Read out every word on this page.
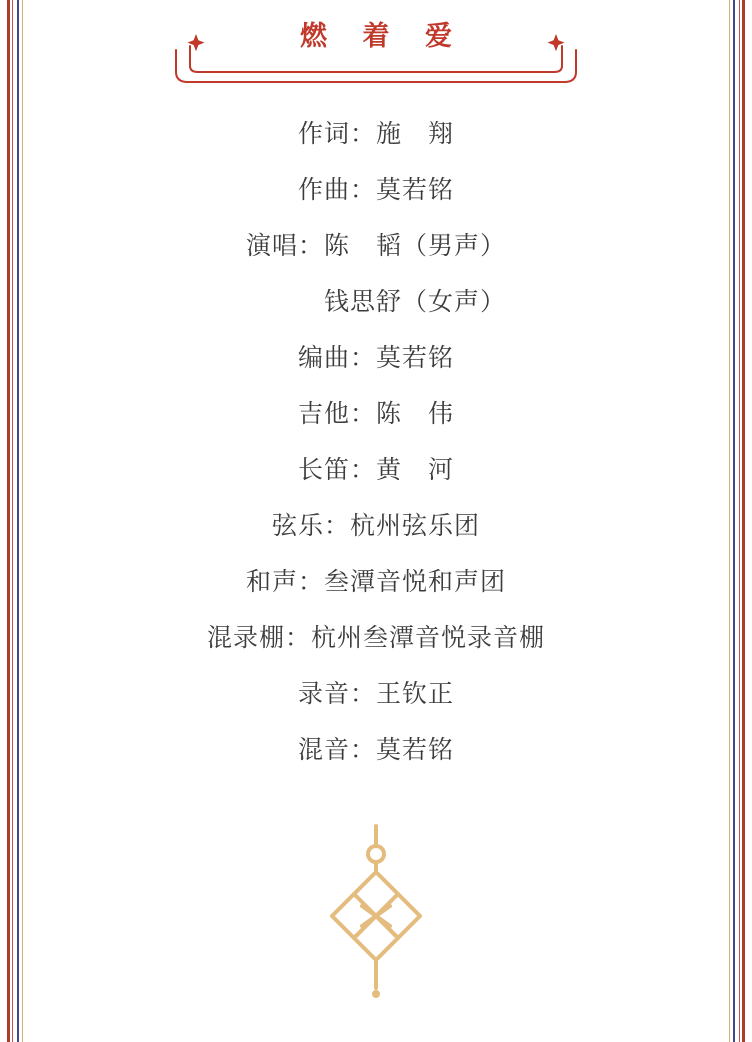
燃 着 爱
作词：施　翔
作曲：莫若铭
演唱：陈　韬（男声）
　　　钱思舒（女声）
编曲：莫若铭
吉他：陈　伟
长笛：黄　河
弦乐：杭州弦乐团
和声：叁潭音悦和声团
混录棚：杭州叁潭音悦录音棚
录音：王钦正
混音：莫若铭
